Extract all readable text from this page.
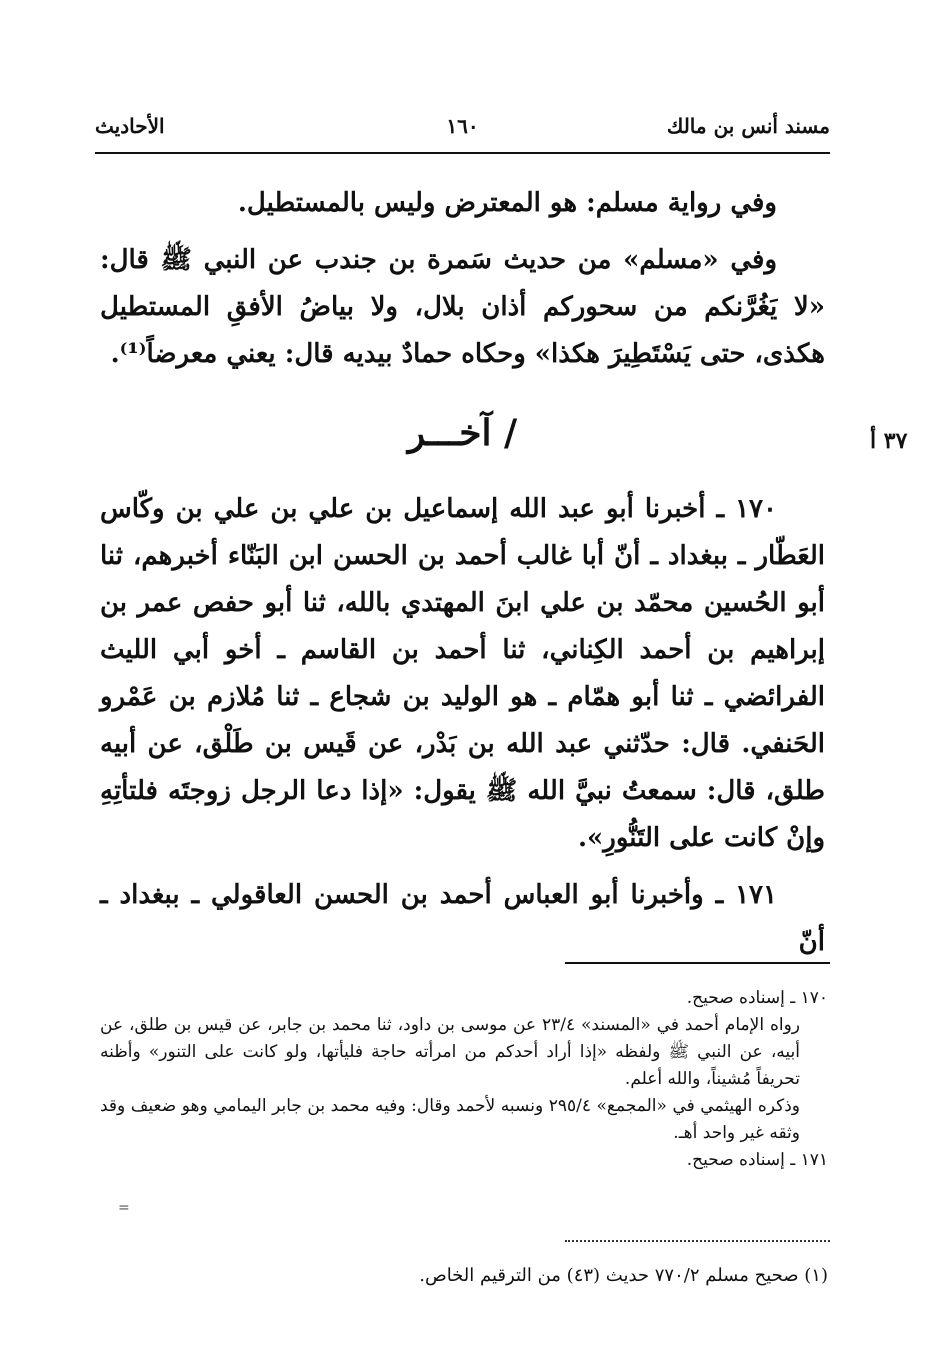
مسند أنس بن مالك
١٦٠
الأحاديث
٣٧ أ

وفي رواية مسلم: هو المعترض وليس بالمستطيل.

وفي «مسلم» من حديث سَمرة بن جندب عن النبي ﷺ قال: «لا يَغُرَّنكم من سحوركم أذان بلال، ولا بياضُ الأفقِ المستطيل هكذى، حتى يَسْتَطِيرَ هكذا» وحكاه حمادٌ بيديه قال: يعني معرضاً⁽¹⁾.

/ آخـــر

١٧٠ ـ أخبرنا أبو عبد الله إسماعيل بن علي بن علي بن وكّاس العَطّار ـ ببغداد ـ أنّ أبا غالب أحمد بن الحسن ابن البَنّاء أخبرهم، ثنا أبو الحُسين محمّد بن علي ابنَ المهتدي بالله، ثنا أبو حفص عمر بن إبراهيم بن أحمد الكِناني، ثنا أحمد بن القاسم ـ أخو أبي الليث الفرائضي ـ ثنا أبو همّام ـ هو الوليد بن شجاع ـ ثنا مُلازم بن عَمْرو الحَنفي. قال: حدّثني عبد الله بن بَدْر، عن قَيس بن طَلْق، عن أبيه طلق، قال: سمعتُ نبيَّ الله ﷺ يقول: «إذا دعا الرجل زوجتَه فلتأتِهِ وإنْ كانت على التَنُّورِ».

١٧١ ـ وأخبرنا أبو العباس أحمد بن الحسن العاقولي ـ ببغداد ـ أنّ

١٧٠ ـ إسناده صحيح.

رواه الإمام أحمد في «المسند» ٢٣/٤ عن موسى بن داود، ثنا محمد بن جابر، عن قيس بن طلق، عن أبيه، عن النبي ﷺ ولفظه «إذا أراد أحدكم من امرأته حاجة فليأتها، ولو كانت على التنور» وأظنه تحريفاً مُشيناً، والله أعلم.

وذكره الهيثمي في «المجمع» ٢٩٥/٤ ونسبه لأحمد وقال: وفيه محمد بن جابر اليمامي وهو ضعيف وقد وثقه غير واحد أهـ.

١٧١ ـ إسناده صحيح.

=
(١) صحيح مسلم ٧٧٠/٢ حديث (٤٣) من الترقيم الخاص.
